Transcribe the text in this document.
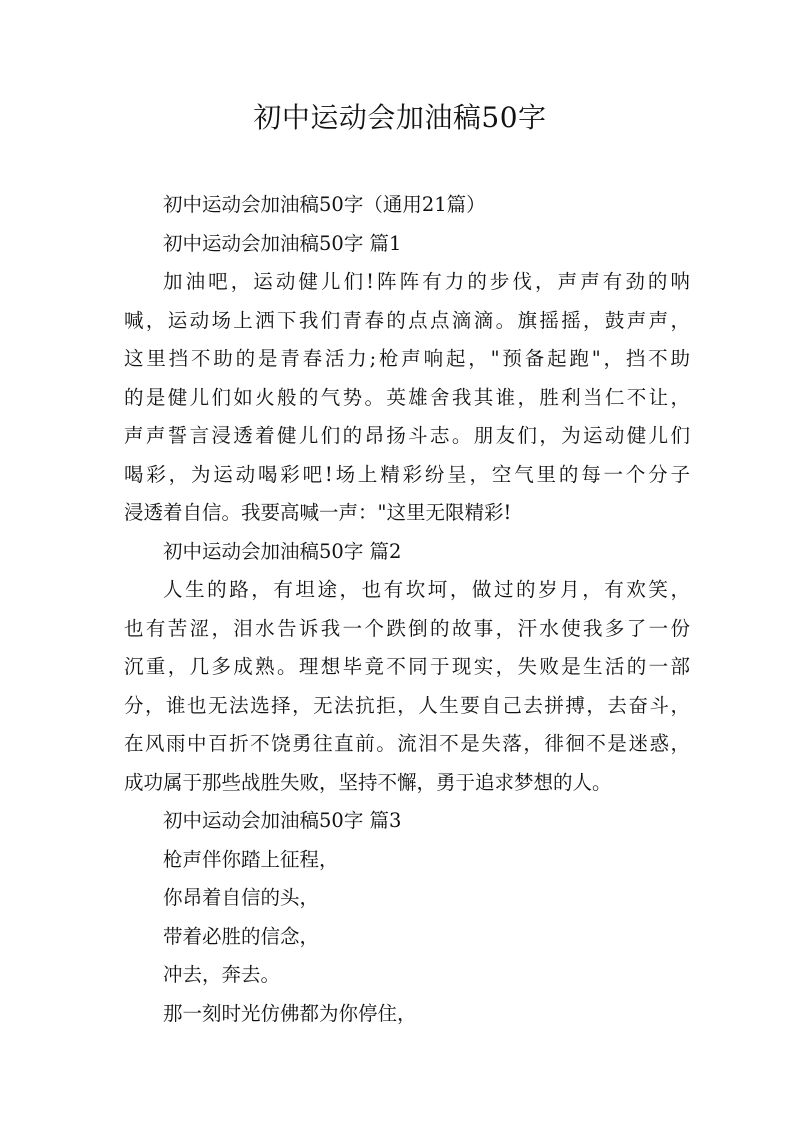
初中运动会加油稿50字
初中运动会加油稿50字（通用21篇）
初中运动会加油稿50字 篇1
加油吧，运动健儿们!阵阵有力的步伐，声声有劲的呐
喊，运动场上洒下我们青春的点点滴滴。旗摇摇，鼓声声，
这里挡不助的是青春活力;枪声响起，"预备起跑"，挡不助
的是健儿们如火般的气势。英雄舍我其谁，胜利当仁不让，
声声誓言浸透着健儿们的昂扬斗志。朋友们，为运动健儿们
喝彩，为运动喝彩吧!场上精彩纷呈，空气里的每一个分子
浸透着自信。我要高喊一声："这里无限精彩!
初中运动会加油稿50字 篇2
人生的路，有坦途，也有坎坷，做过的岁月，有欢笑，
也有苦涩，泪水告诉我一个跌倒的故事，汗水使我多了一份
沉重，几多成熟。理想毕竟不同于现实，失败是生活的一部
分，谁也无法选择，无法抗拒，人生要自己去拼搏，去奋斗，
在风雨中百折不饶勇往直前。流泪不是失落，徘徊不是迷惑，
成功属于那些战胜失败，坚持不懈，勇于追求梦想的人。
初中运动会加油稿50字 篇3
枪声伴你踏上征程，
你昂着自信的头，
带着必胜的信念，
冲去，奔去。
那一刻时光仿佛都为你停住，
